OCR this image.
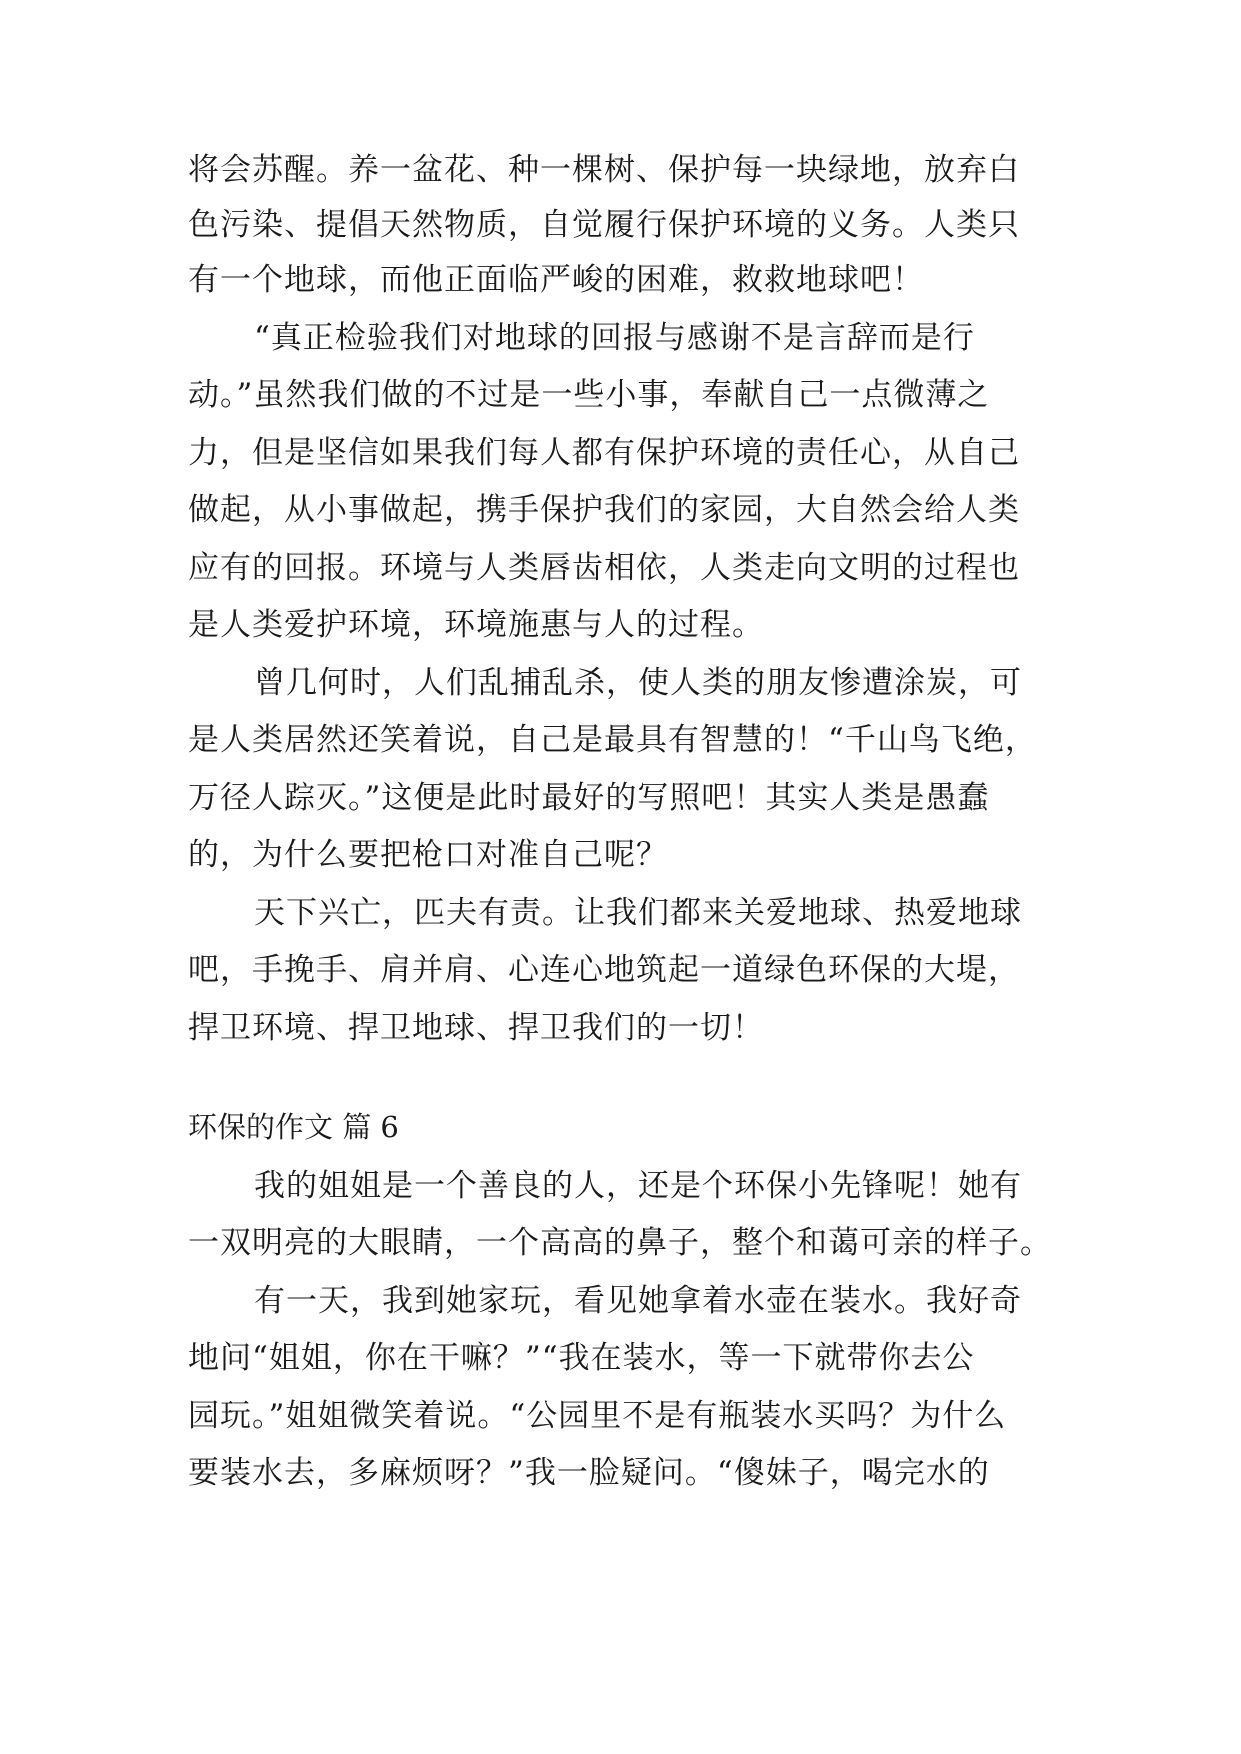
将会苏醒。养一盆花、种一棵树、保护每一块绿地，放弃白

色污染、提倡天然物质，自觉履行保护环境的义务。人类只

有一个地球，而他正面临严峻的困难，救救地球吧！

“真正检验我们对地球的回报与感谢不是言辞而是行

动。”虽然我们做的不过是一些小事，奉献自己一点微薄之

力，但是坚信如果我们每人都有保护环境的责任心，从自己

做起，从小事做起，携手保护我们的家园，大自然会给人类

应有的回报。环境与人类唇齿相依，人类走向文明的过程也

是人类爱护环境，环境施惠与人的过程。

曾几何时，人们乱捕乱杀，使人类的朋友惨遭涂炭，可

是人类居然还笑着说，自己是最具有智慧的！“千山鸟飞绝，

万径人踪灭。”这便是此时最好的写照吧！其实人类是愚蠢

的，为什么要把枪口对准自己呢？

天下兴亡，匹夫有责。让我们都来关爱地球、热爱地球

吧，手挽手、肩并肩、心连心地筑起一道绿色环保的大堤，

捍卫环境、捍卫地球、捍卫我们的一切！

环保的作文 篇 6

我的姐姐是一个善良的人，还是个环保小先锋呢！她有

一双明亮的大眼睛，一个高高的鼻子，整个和蔼可亲的样子。

有一天，我到她家玩，看见她拿着水壶在装水。我好奇

地问“姐姐，你在干嘛？”“我在装水，等一下就带你去公

园玩。”姐姐微笑着说。“公园里不是有瓶装水买吗？为什么

要装水去，多麻烦呀？”我一脸疑问。“傻妹子，喝完水的
